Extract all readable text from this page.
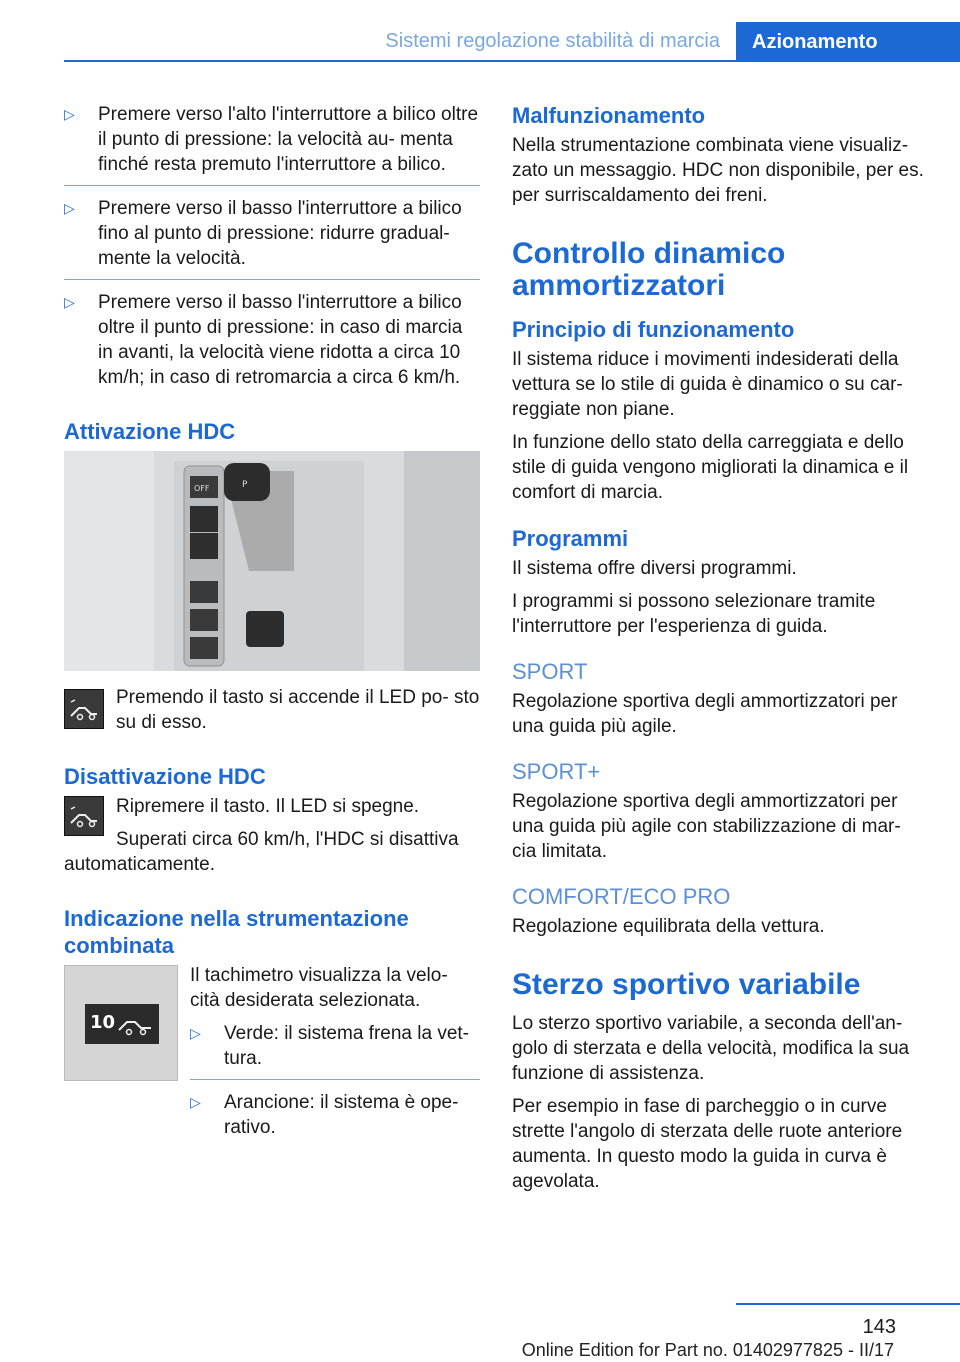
Sistemi regolazione stabilità di marcia	Azionamento
▷ Premere verso l'alto l'interruttore a bilico oltre il punto di pressione: la velocità au‐ menta finché resta premuto l'interruttore a bilico.
▷ Premere verso il basso l'interruttore a bilico fino al punto di pressione: ridurre gradual‐ mente la velocità.
▷ Premere verso il basso l'interruttore a bilico oltre il punto di pressione: in caso di marcia in avanti, la velocità viene ridotta a circa 10 km/h; in caso di retromarcia a circa 6 km/h.
Attivazione HDC
OFF	P

Premendo il tasto si accende il LED po‐ sto su di esso.

Disattivazione HDC

Ripremere il tasto. Il LED si spegne.

Superati circa 60 km/h, l'HDC si disattiva automaticamente.

Indicazione nella strumentazione combinata
10

Il tachimetro visualizza la velo‐ cità desiderata selezionata.

▷ Verde: il sistema frena la vet‐ tura.
▷ Arancione: il sistema è ope‐ rativo.
Malfunzionamento

Nella strumentazione combinata viene visualiz‐ zato un messaggio. HDC non disponibile, per es. per surriscaldamento dei freni.

Controllo dinamico ammortizzatori
Principio di funzionamento

Il sistema riduce i movimenti indesiderati della vettura se lo stile di guida è dinamico o su car‐ reggiate non piane.

In funzione dello stato della carreggiata e dello stile di guida vengono migliorati la dinamica e il comfort di marcia.

Programmi

Il sistema offre diversi programmi.

I programmi si possono selezionare tramite l'interruttore per l'esperienza di guida.

SPORT

Regolazione sportiva degli ammortizzatori per una guida più agile.

SPORT+

Regolazione sportiva degli ammortizzatori per una guida più agile con stabilizzazione di mar‐ cia limitata.

COMFORT/ECO PRO

Regolazione equilibrata della vettura.

Sterzo sportivo variabile

Lo sterzo sportivo variabile, a seconda dell'an‐ golo di sterzata e della velocità, modifica la sua funzione di assistenza.

Per esempio in fase di parcheggio o in curve strette l'angolo di sterzata delle ruote anteriore aumenta. In questo modo la guida in curva è agevolata.

143
Online Edition for Part no. 01402977825 - II/17
